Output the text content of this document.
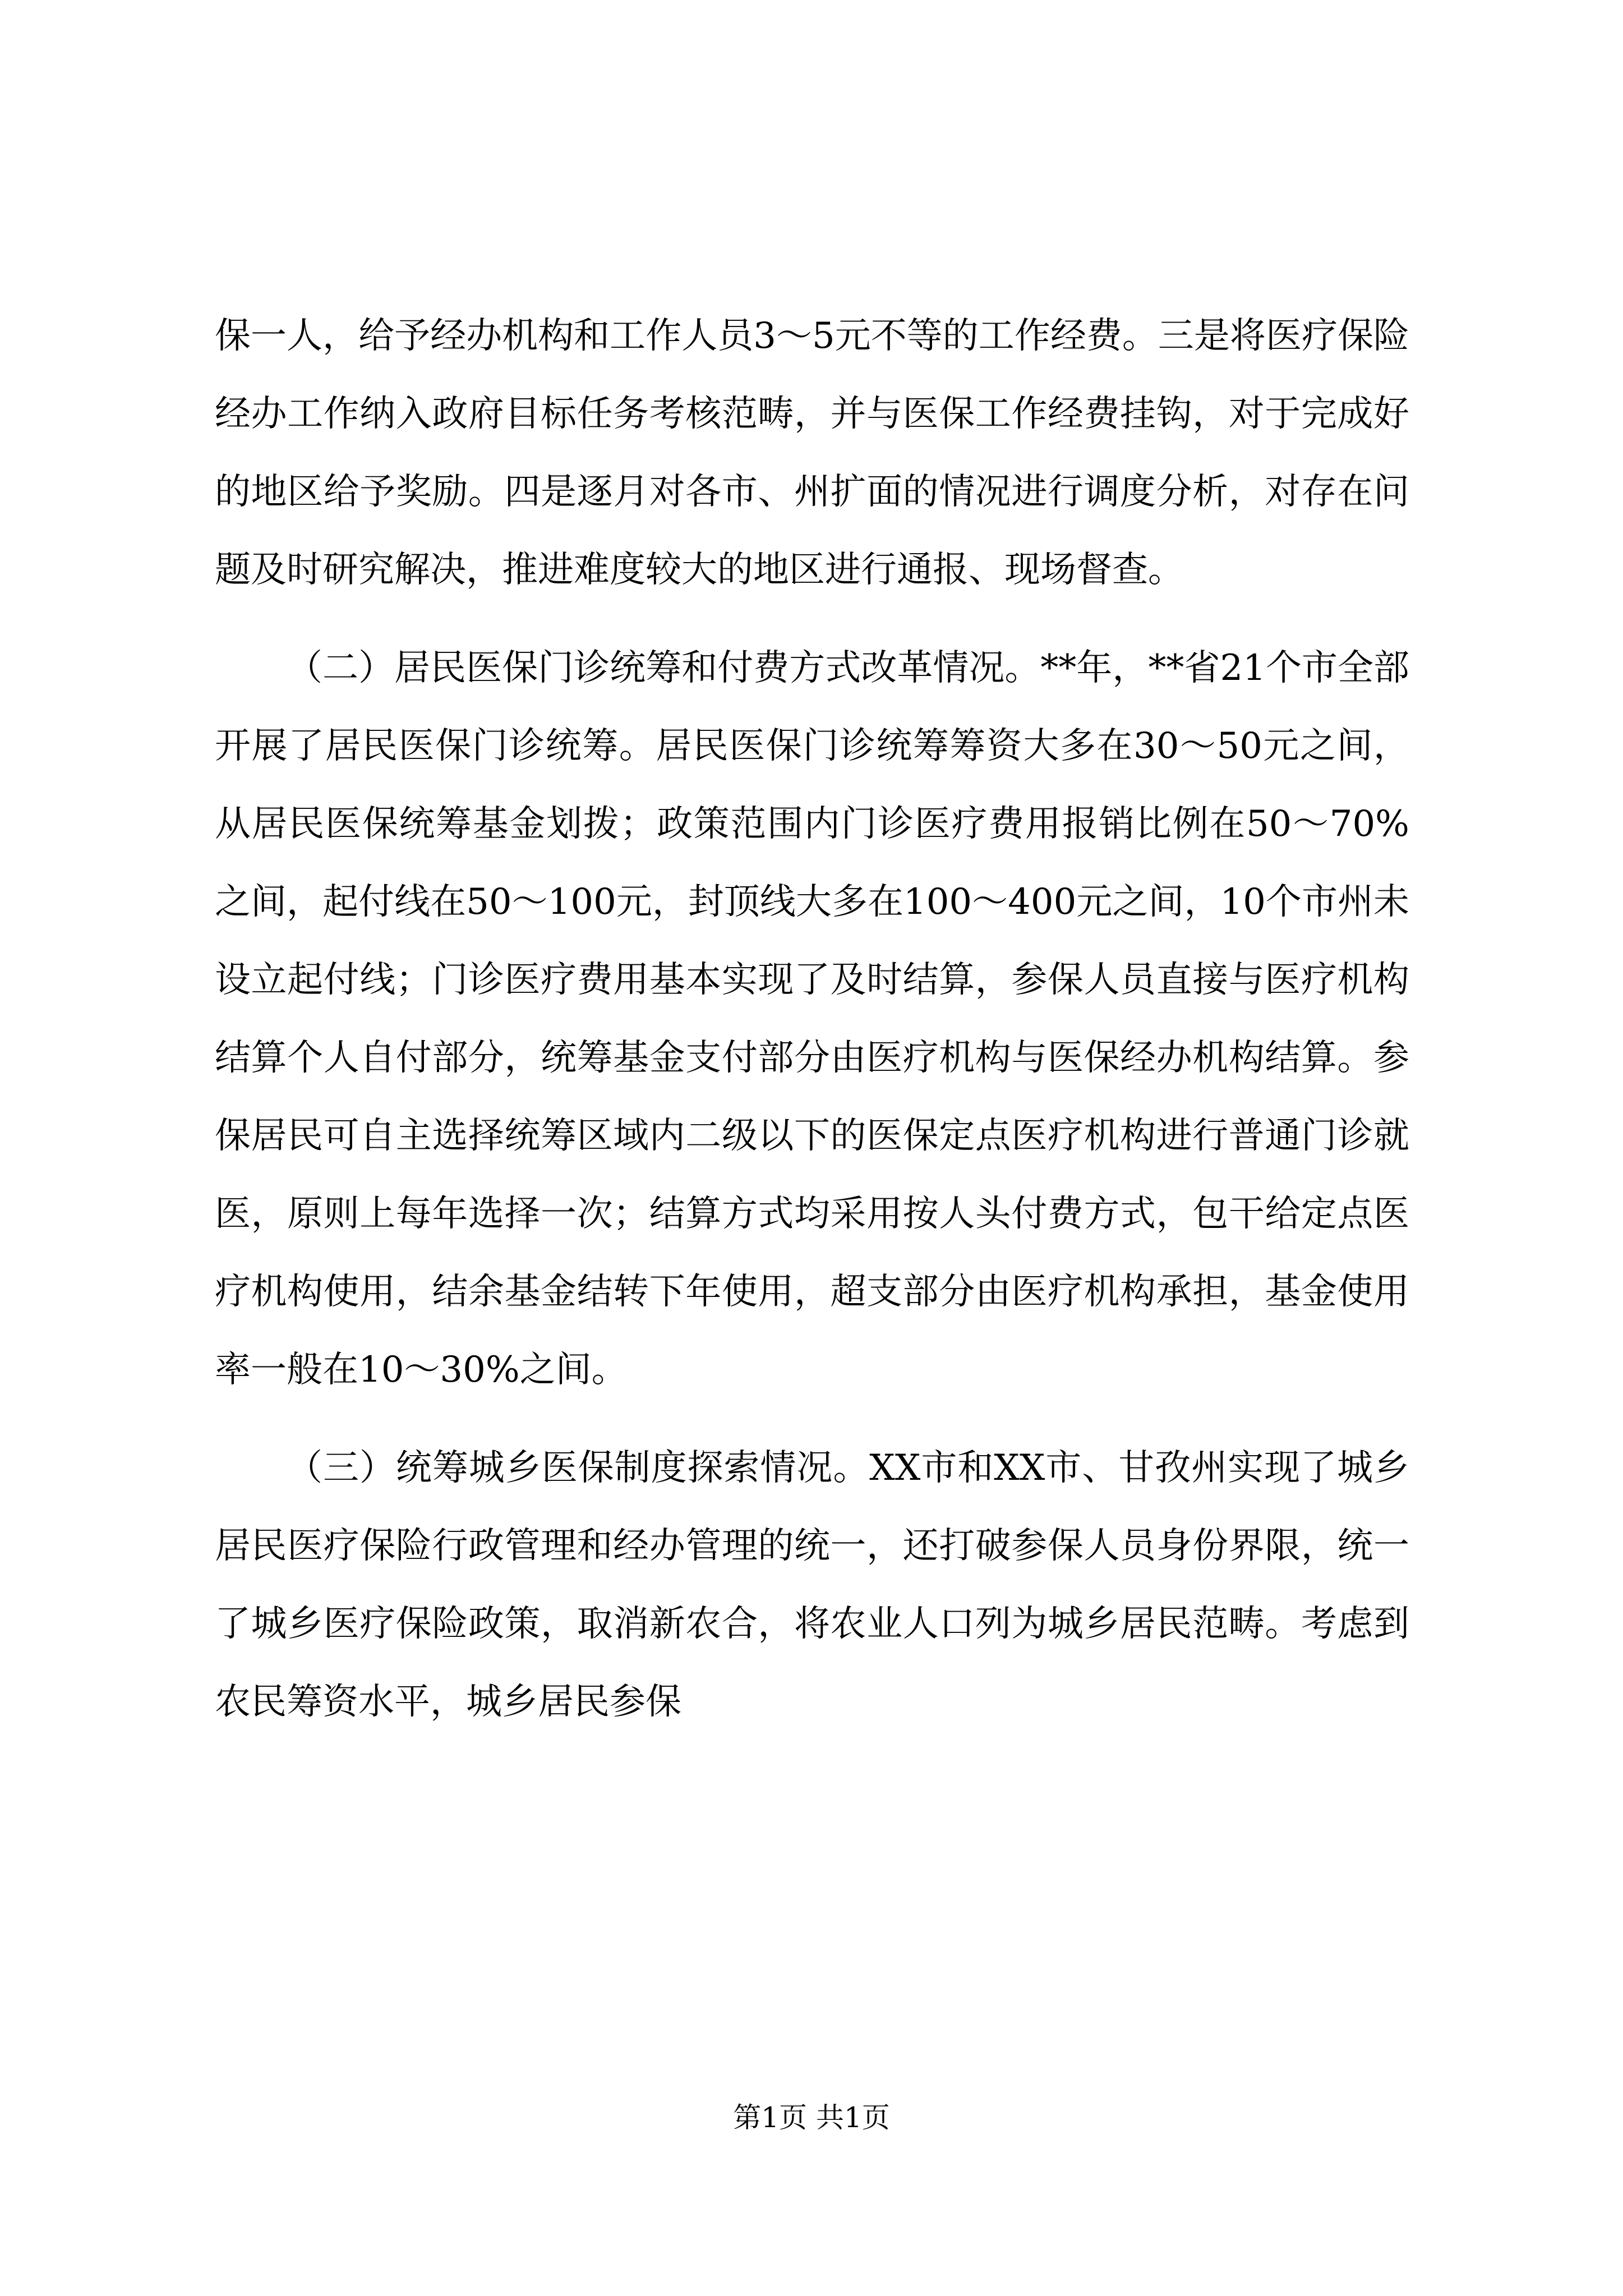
保一人，给予经办机构和工作人员3～5元不等的工作经费。三是将医疗保险经办工作纳入政府目标任务考核范畴，并与医保工作经费挂钩，对于完成好的地区给予奖励。四是逐月对各市、州扩面的情况进行调度分析，对存在问题及时研究解决，推进难度较大的地区进行通报、现场督查。

（二）居民医保门诊统筹和付费方式改革情况。**年，**省21个市全部开展了居民医保门诊统筹。居民医保门诊统筹筹资大多在30～50元之间，从居民医保统筹基金划拨；政策范围内门诊医疗费用报销比例在50～70%之间，起付线在50～100元，封顶线大多在100～400元之间，10个市州未设立起付线；门诊医疗费用基本实现了及时结算，参保人员直接与医疗机构结算个人自付部分，统筹基金支付部分由医疗机构与医保经办机构结算。参保居民可自主选择统筹区域内二级以下的医保定点医疗机构进行普通门诊就医，原则上每年选择一次；结算方式均采用按人头付费方式，包干给定点医疗机构使用，结余基金结转下年使用，超支部分由医疗机构承担，基金使用率一般在10～30%之间。

（三）统筹城乡医保制度探索情况。XX市和XX市、甘孜州实现了城乡居民医疗保险行政管理和经办管理的统一，还打破参保人员身份界限，统一了城乡医疗保险政策，取消新农合，将农业人口列为城乡居民范畴。考虑到农民筹资水平，城乡居民参保

第1页 共1页
